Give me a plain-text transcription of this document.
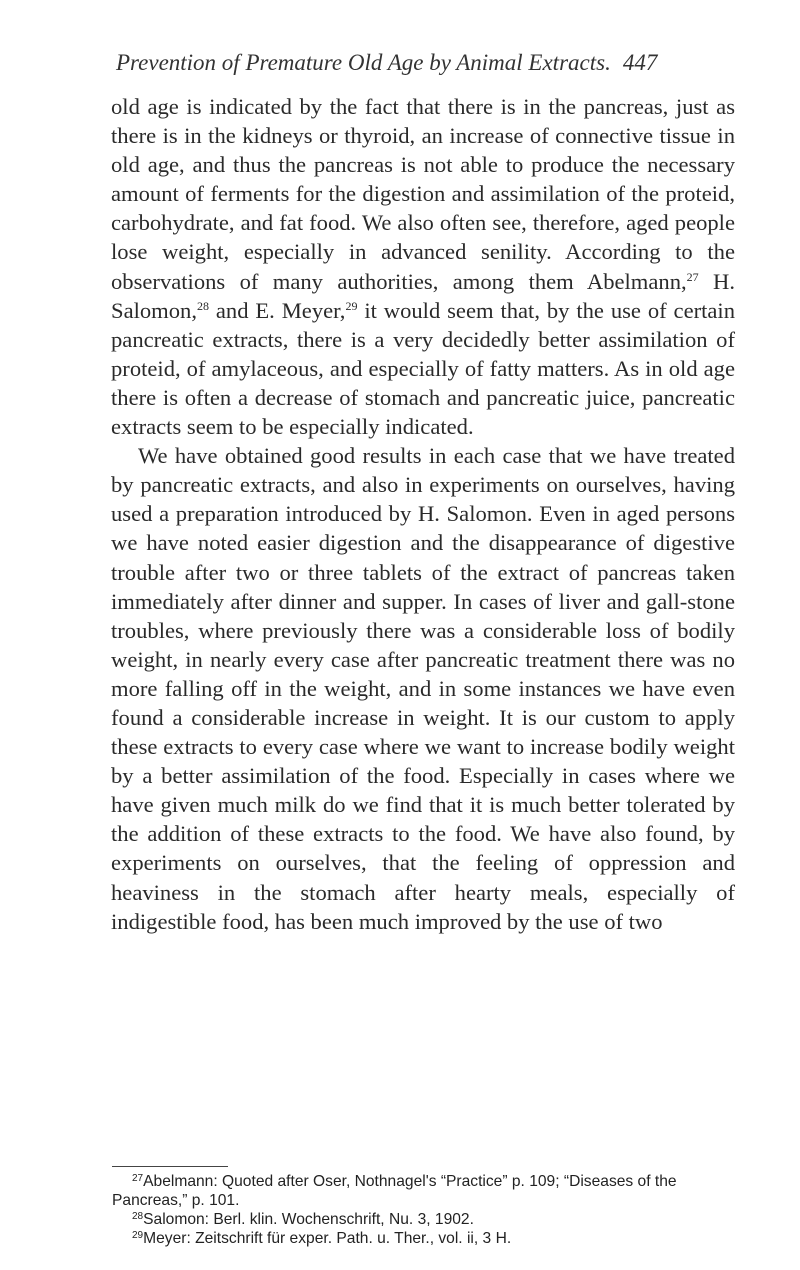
Prevention of Premature Old Age by Animal Extracts. 447

old age is indicated by the fact that there is in the pancreas, just as there is in the kidneys or thyroid, an increase of connective tissue in old age, and thus the pancreas is not able to produce the necessary amount of ferments for the digestion and assimilation of the proteid, carbohydrate, and fat food. We also often see, therefore, aged people lose weight, especially in advanced senility. According to the observations of many authorities, among them Abelmann,$^{27}$ H. Salomon,$^{28}$ and E. Meyer,$^{29}$ it would seem that, by the use of certain pancreatic extracts, there is a very decidedly better assimilation of proteid, of amylaceous, and especially of fatty matters. As in old age there is often a decrease of stomach and pancreatic juice, pancreatic extracts seem to be especially indicated.

We have obtained good results in each case that we have treated by pancreatic extracts, and also in experiments on ourselves, having used a preparation introduced by H. Salomon. Even in aged persons we have noted easier digestion and the disappearance of digestive trouble after two or three tablets of the extract of pancreas taken immediately after dinner and supper. In cases of liver and gall-stone troubles, where previously there was a considerable loss of bodily weight, in nearly every case after pancreatic treatment there was no more falling off in the weight, and in some instances we have even found a considerable increase in weight. It is our custom to apply these extracts to every case where we want to increase bodily weight by a better assimilation of the food. Especially in cases where we have given much milk do we find that it is much better tolerated by the addition of these extracts to the food. We have also found, by experiments on ourselves, that the feeling of oppression and heaviness in the stomach after hearty meals, especially of indigestible food, has been much improved by the use of two

$^{27}$Abelmann: Quoted after Oser, Nothnagel's “Practice” p. 109; “Diseases of the Pancreas,” p. 101.
$^{28}$Salomon: Berl. klin. Wochenschrift, Nu. 3, 1902.
$^{29}$Meyer: Zeitschrift für exper. Path. u. Ther., vol. ii, 3 H.
